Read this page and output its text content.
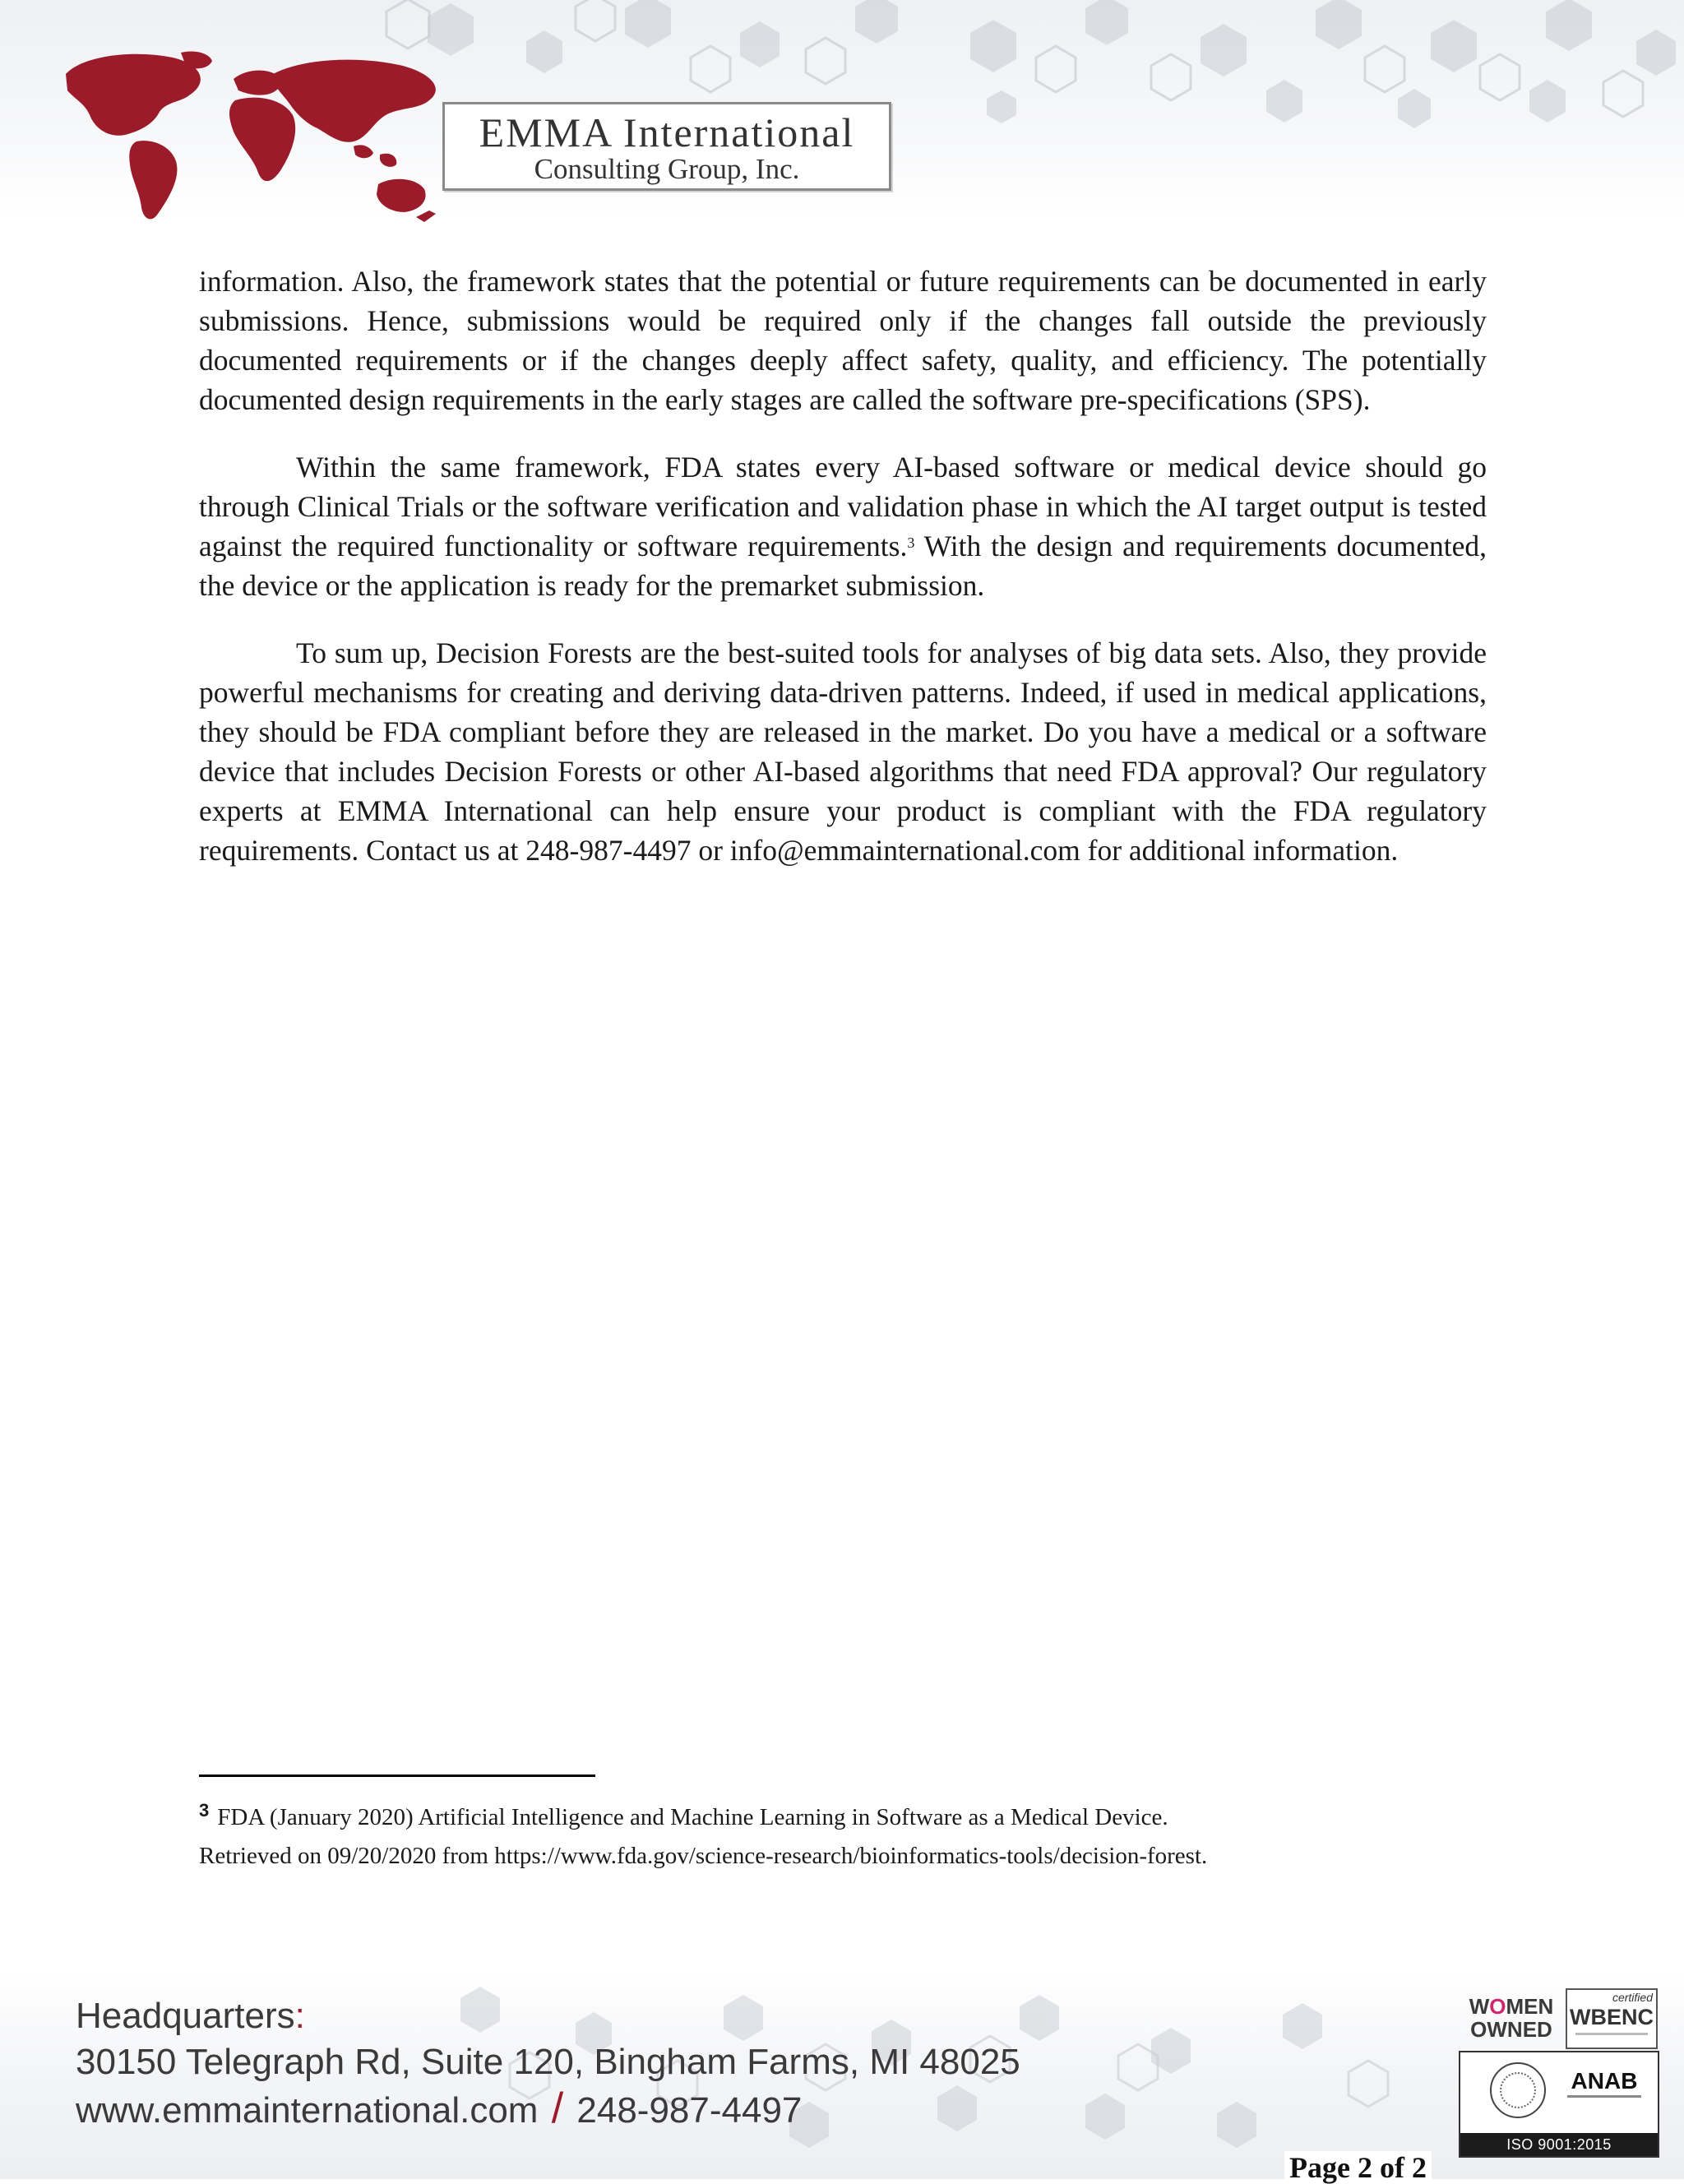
EMMA International
Consulting Group, Inc.

information. Also, the framework states that the potential or future requirements can be documented in early submissions. Hence, submissions would be required only if the changes fall outside the previously documented requirements or if the changes deeply affect safety, quality, and efficiency. The potentially documented design requirements in the early stages are called the software pre-specifications (SPS).

Within the same framework, FDA states every AI-based software or medical device should go through Clinical Trials or the software verification and validation phase in which the AI target output is tested against the required functionality or software requirements.$^3$ With the design and requirements documented, the device or the application is ready for the premarket submission.

To sum up, Decision Forests are the best-suited tools for analyses of big data sets. Also, they provide powerful mechanisms for creating and deriving data-driven patterns. Indeed, if used in medical applications, they should be FDA compliant before they are released in the market. Do you have a medical or a software device that includes Decision Forests or other AI-based algorithms that need FDA approval? Our regulatory experts at EMMA International can help ensure your product is compliant with the FDA regulatory requirements. Contact us at 248-987-4497 or info@emmainternational.com for additional information.

$^3$ FDA (January 2020) Artificial Intelligence and Machine Learning in Software as a Medical Device.
Retrieved on 09/20/2020 from https://www.fda.gov/science-research/bioinformatics-tools/decision-forest.
Headquarters:
30150 Telegraph Rd, Suite 120, Bingham Farms, MI 48025
www.emmainternational.com / 248-987-4497
Page 2 of 2
WOMEN
OWNED
certified
WBENC
ANAB
ISO 9001:2015
